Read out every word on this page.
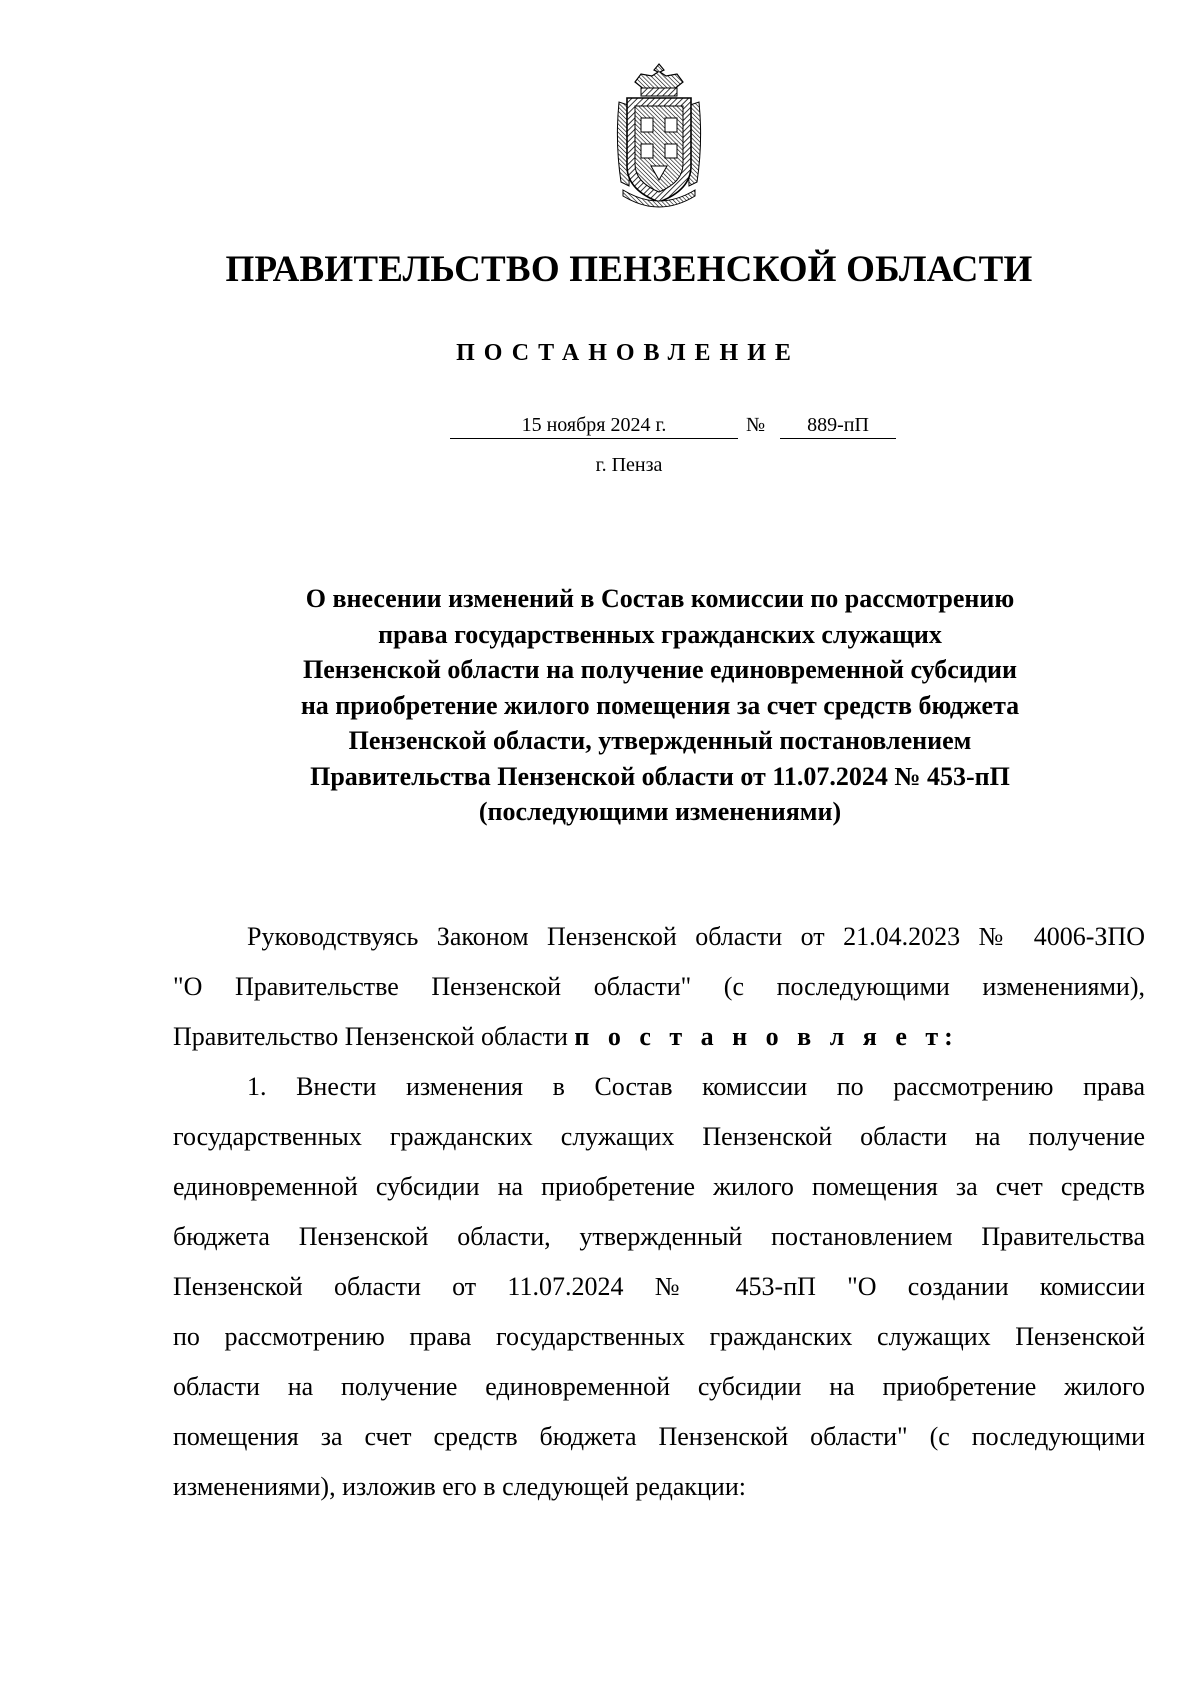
ПРАВИТЕЛЬСТВО ПЕНЗЕНСКОЙ ОБЛАСТИ
ПОСТАНОВЛЕНИЕ
15 ноября 2024 г.	№	889-пП
г. Пенза
О внесении изменений в Состав комиссии по рассмотрению
права государственных гражданских служащих
Пензенской области на получение единовременной субсидии
на приобретение жилого помещения за счет средств бюджета
Пензенской области, утвержденный постановлением
Правительства Пензенской области от 11.07.2024 № 453-пП
(последующими изменениями)
Руководствуясь Законом Пензенской области от 21.04.2023 № 4006-ЗПО
"О Правительстве Пензенской области" (с последующими изменениями),
Правительство Пензенской области п о с т а н о в л я е т:
1. Внести изменения в Состав комиссии по рассмотрению права
государственных гражданских служащих Пензенской области на получение
единовременной субсидии на приобретение жилого помещения за счет средств
бюджета Пензенской области, утвержденный постановлением Правительства
Пензенской области от 11.07.2024 № 453-пП "О создании комиссии
по рассмотрению права государственных гражданских служащих Пензенской
области на получение единовременной субсидии на приобретение жилого
помещения за счет средств бюджета Пензенской области" (с последующими
изменениями), изложив его в следующей редакции:
